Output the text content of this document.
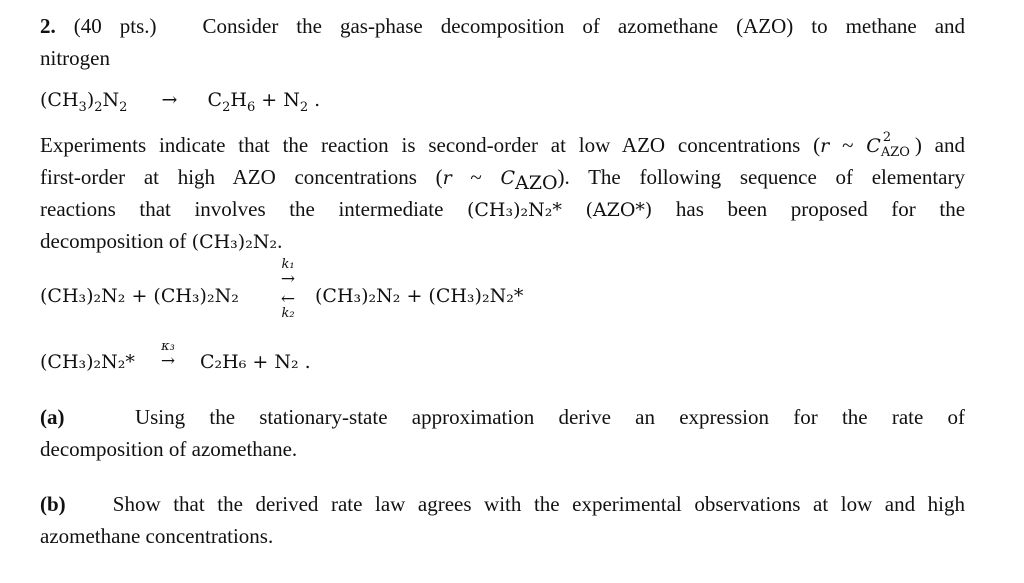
2. (40 pts.) Consider the gas-phase decomposition of azomethane (AZO) to methane and
nitrogen
$(CH_3)_2N_2 \to C_2H_6 + N_2$ .
Experiments indicate that the reaction is second-order at low AZO concentrations (r ~ C 2
AZO ) and
first-order at high AZO concentrations (r ~ $C_{AZO}$). The following sequence of elementary
reactions that involves the intermediate (CH₃)₂N₂* (AZO*) has been proposed for the
decomposition of (CH₃)₂N₂.
(CH₃)₂N₂ + (CH₃)₂N₂
k₁
→
←
k₂
(CH₃)₂N₂ + (CH₃)₂N₂*
(CH₃)₂N₂*
κ₃
→ C₂H₆ + N₂ .
(a)	Using the stationary-state approximation derive an expression for the rate of
decomposition of azomethane.
(b) Show that the derived rate law agrees with the experimental observations at low and high
azomethane concentrations.
